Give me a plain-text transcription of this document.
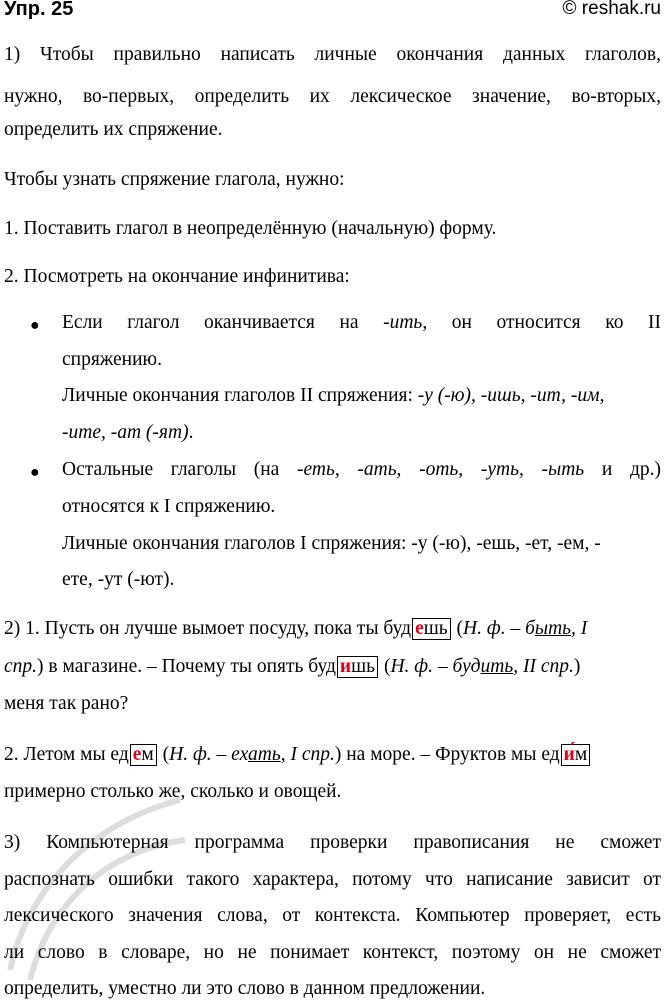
Упр. 25	© reshak.ru
1) Чтобы правильно написать личные окончания данных глаголов,
нужно, во-первых, определить их лексическое значение, во-вторых,
определить их спряжение.
Чтобы узнать спряжение глагола, нужно:
1. Поставить глагол в неопределённую (начальную) форму.
2. Посмотреть на окончание инфинитива:
● Если глагол оканчивается на -ить, он относится ко II
спряжению.
Личные окончания глаголов II спряжения: -у (-ю), -ишь, -ит, -им,
-ите, -ат (-ят).
● Остальные глаголы (на -еть, -ать, -оть, -уть, -ыть и др.)
относятся к I спряжению.
Личные окончания глаголов I спряжения: -у (-ю), -ешь, -ет, -ем, -
ете, -ут (-ют).
2) 1. Пусть он лучше вымоет посуду, пока ты буд ешь (Н. ф. – быть, I
спр.) в магазине. – Почему ты опять буд ишь (Н. ф. – будить, II спр.)
меня так рано?
2. Летом мы ед ем (Н. ф. – ехать, I спр.) на море. – Фруктов мы ед и́м
примерно столько же, сколько и овощей.
3) Компьютерная программа проверки правописания не сможет
распознать ошибки такого характера, потому что написание зависит от
лексического значения слова, от контекста. Компьютер проверяет, есть
ли слово в словаре, но не понимает контекст, поэтому он не сможет
определить, уместно ли это слово в данном предложении.
